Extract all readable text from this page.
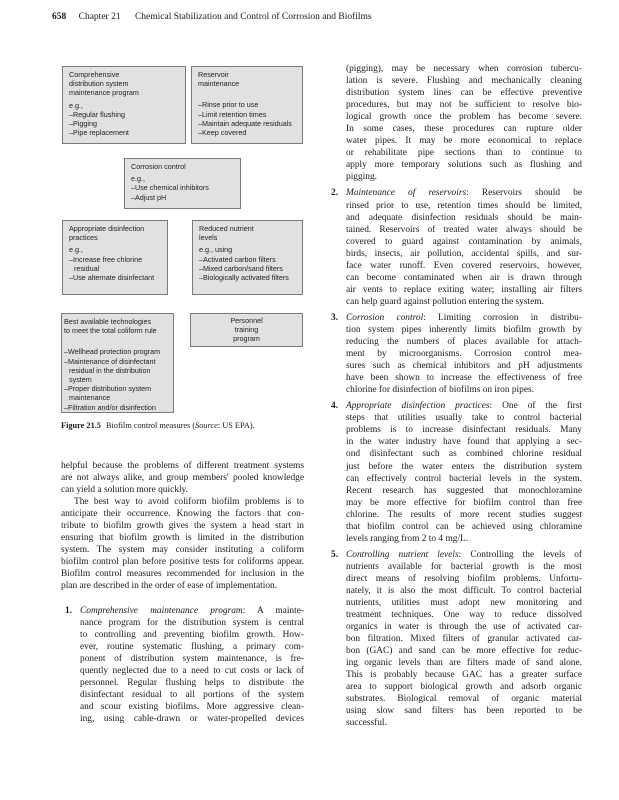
658 Chapter 21 Chemical Stabilization and Control of Corrosion and Biofilms
Comprehensive
distribution system
maintenance program
e.g.,
–Regular flushing
–Pigging
–Pipe replacement
Reservoir
maintenance
–Rinse prior to use
–Limit retention times
–Maintain adequate residuals
–Keep covered
Corrosion control
e.g.,
–Use chemical inhibitors
–Adjust pH
Appropriate disinfection
practices
e.g.,
–Increase free chlorine
residual
–Use alternate disinfectant
Reduced nutrient
levels
e.g., using
–Activated carbon filters
–Mixed carbon/sand filters
–Biologically activated filters
Best available technologies
to meet the total coliform rule
–Wellhead protection program
–Maintenance of disinfectant
residual in the distribution
system
–Proper distribution system
maintenance
–Filtration and/or disinfection
Personnel
training
program
Figure 21.5 Biofilm control measures (Source: US EPA).

helpful because the problems of different treatment systems
are not always alike, and group members' pooled knowledge
can yield a solution more quickly.

The best way to avoid coliform biofilm problems is to
anticipate their occurrence. Knowing the factors that con-
tribute to biofilm growth gives the system a head start in
ensuring that biofilm growth is limited in the distribution
system. The system may consider instituting a coliform
biofilm control plan before positive tests for coliforms appear.
Biofilm control measures recommended for inclusion in the
plan are described in the order of ease of implementation.

1. Comprehensive maintenance program: A mainte-
nance program for the distribution system is central
to controlling and preventing biofilm growth. How-
ever, routine systematic flushing, a primary com-
ponent of distribution system maintenance, is fre-
quently neglected due to a need to cut costs or lack of
personnel. Regular flushing helps to distribute the
disinfectant residual to all portions of the system
and scour existing biofilms. More aggressive clean-
ing, using cable-drawn or water-propelled devices

(pigging), may be necessary when corrosion tubercu-
lation is severe. Flushing and mechanically cleaning
distribution system lines can be effective preventive
procedures, but may not be sufficient to resolve bio-
logical growth once the problem has become severe.
In some cases, these procedures can rupture older
water pipes. It may be more economical to replace
or rehabilitate pipe sections than to continue to
apply more temporary solutions such as flushing and
pigging.

2. Maintenance of reservoirs: Reservoirs should be
rinsed prior to use, retention times should be limited,
and adequate disinfection residuals should be main-
tained. Reservoirs of treated water always should be
covered to guard against contamination by animals,
birds, insects, air pollution, accidental spills, and sur-
face water runoff. Even covered reservoirs, however,
can become contaminated when air is drawn through
air vents to replace exiting water; installing air filters
can help guard against pollution entering the system.
3. Corrosion control: Limiting corrosion in distribu-
tion system pipes inherently limits biofilm growth by
reducing the numbers of places available for attach-
ment by microorganisms. Corrosion control mea-
sures such as chemical inhibitors and pH adjustments
have been shown to increase the effectiveness of free
chlorine for disinfection of biofilms on iron pipes.
4. Appropriate disinfection practices: One of the first
steps that utilities usually take to control bacterial
problems is to increase disinfectant residuals. Many
in the water industry have found that applying a sec-
ond disinfectant such as combined chlorine residual
just before the water enters the distribution system
can effectively control bacterial levels in the system.
Recent research has suggested that monochloramine
may be more effective for biofilm control than free
chlorine. The results of more recent studies suggest
that biofilm control can be achieved using chloramine
levels ranging from 2 to 4 mg/L.
5. Controlling nutrient levels: Controlling the levels of
nutrients available for bacterial growth is the most
direct means of resolving biofilm problems. Unfortu-
nately, it is also the most difficult. To control bacterial
nutrients, utilities must adopt new monitoring and
treatment techniques. One way to reduce dissolved
organics in water is through the use of activated car-
bon filtration. Mixed filters of granular activated car-
bon (GAC) and sand can be more effective for reduc-
ing organic levels than are filters made of sand alone.
This is probably because GAC has a greater surface
area to support biological growth and adsorb organic
substrates. Biological removal of organic material
using slow sand filters has been reported to be
successful.
